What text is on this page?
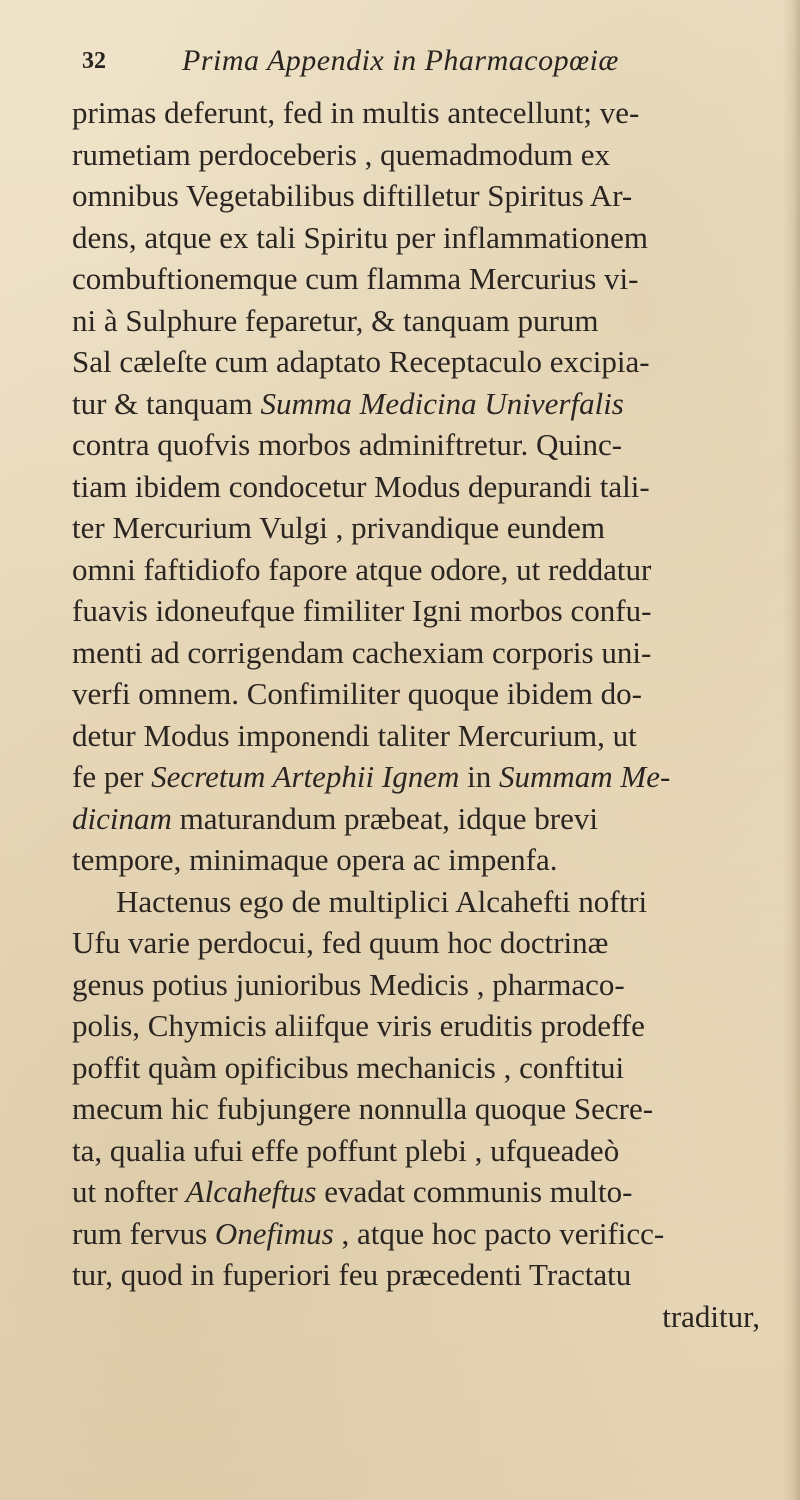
32	Prima Appendix in Pharmacopœiæ
primas deferunt, fed in multis antecellunt; ve-
rumetiam perdoceberis , quemadmodum ex
omnibus Vegetabilibus diftilletur Spiritus Ar-
dens, atque ex tali Spiritu per inflammationem
combuftionemque cum flamma Mercurius vi-
ni à Sulphure feparetur, & tanquam purum
Sal cæleſte cum adaptato Receptaculo excipia-
tur & tanquam Summa Medicina Univerfalis
contra quofvis morbos adminiftretur. Quinc-
tiam ibidem condocetur Modus depurandi tali-
ter Mercurium Vulgi , privandique eundem
omni faftidiofo fapore atque odore, ut reddatur
fuavis idoneufque fimiliter Igni morbos confu-
menti ad corrigendam cachexiam corporis uni-
verfi omnem. Confimiliter quoque ibidem do-
detur Modus imponendi taliter Mercurium, ut
fe per Secretum Artephii Ignem in Summam Me-
dicinam maturandum præbeat, idque brevi
tempore, minimaque opera ac impenfa.
Hactenus ego de multiplici Alcahefti noftri
Ufu varie perdocui, fed quum hoc doctrinæ
genus potius junioribus Medicis , pharmaco-
polis, Chymicis aliifque viris eruditis prodeffe
poffit quàm opificibus mechanicis , conftitui
mecum hic fubjungere nonnulla quoque Secre-
ta, qualia ufui effe poffunt plebi , ufqueadeò
ut nofter Alcaheftus evadat communis multo-
rum fervus Onefimus , atque hoc pacto verificc-
tur, quod in fuperiori feu præcedenti Tractatu
traditur,
